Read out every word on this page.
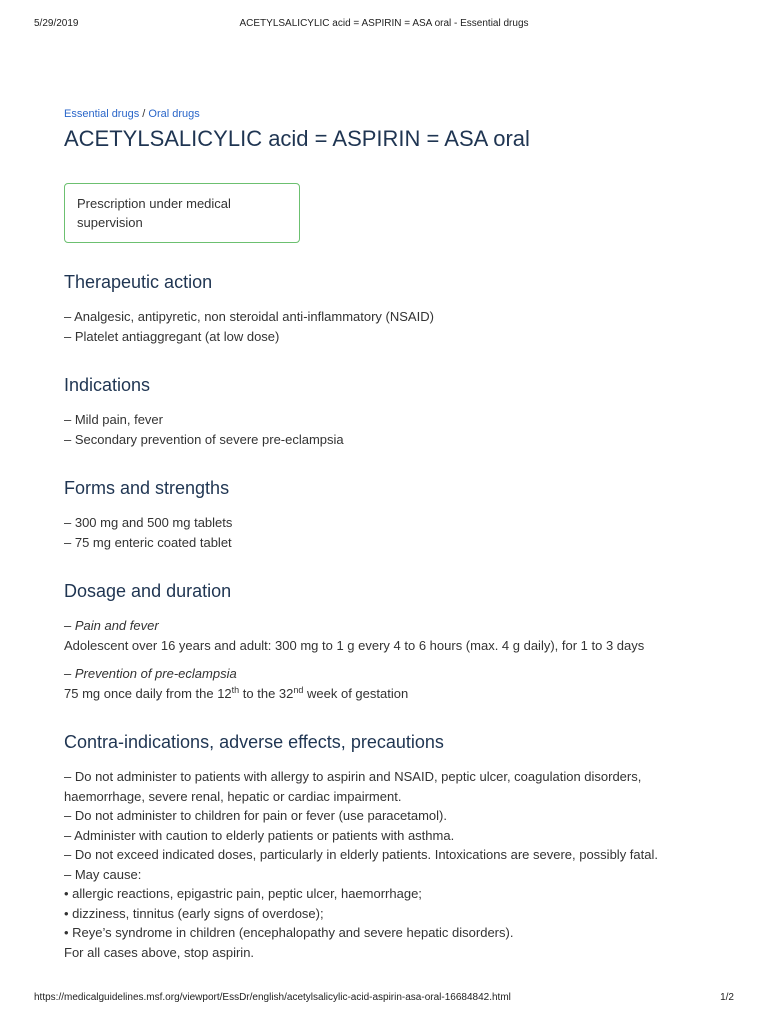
5/29/2019	ACETYLSALICYLIC acid = ASPIRIN = ASA oral - Essential drugs
Essential drugs / Oral drugs
ACETYLSALICYLIC acid = ASPIRIN = ASA oral
Prescription under medical supervision
Therapeutic action

– Analgesic, antipyretic, non steroidal anti-inflammatory (NSAID)

– Platelet antiaggregant (at low dose)

Indications

– Mild pain, fever

– Secondary prevention of severe pre-eclampsia

Forms and strengths

– 300 mg and 500 mg tablets

– 75 mg enteric coated tablet

Dosage and duration

– Pain and fever

Adolescent over 16 years and adult: 300 mg to 1 g every 4 to 6 hours (max. 4 g daily), for 1 to 3 days

– Prevention of pre-eclampsia

75 mg once daily from the 12th to the 32nd week of gestation

Contra-indications, adverse effects, precautions

– Do not administer to patients with allergy to aspirin and NSAID, peptic ulcer, coagulation disorders, haemorrhage, severe renal, hepatic or cardiac impairment.

– Do not administer to children for pain or fever (use paracetamol).

– Administer with caution to elderly patients or patients with asthma.

– Do not exceed indicated doses, particularly in elderly patients. Intoxications are severe, possibly fatal.

– May cause:

• allergic reactions, epigastric pain, peptic ulcer, haemorrhage;

• dizziness, tinnitus (early signs of overdose);

• Reye’s syndrome in children (encephalopathy and severe hepatic disorders).

For all cases above, stop aspirin.

https://medicalguidelines.msf.org/viewport/EssDr/english/acetylsalicylic-acid-aspirin-asa-oral-16684842.html	1/2
